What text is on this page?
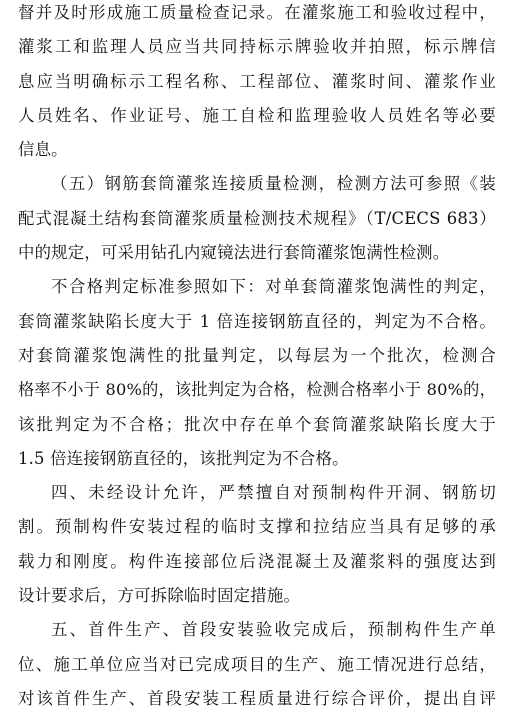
督并及时形成施工质量检查记录。在灌浆施工和验收过程中，
灌浆工和监理人员应当共同持标示牌验收并拍照，标示牌信
息应当明确标示工程名称、工程部位、灌浆时间、灌浆作业
人员姓名、作业证号、施工自检和监理验收人员姓名等必要
信息。
（五）钢筋套筒灌浆连接质量检测，检测方法可参照《装
配式混凝土结构套筒灌浆质量检测技术规程》（T/CECS 683）
中的规定，可采用钻孔内窥镜法进行套筒灌浆饱满性检测。
不合格判定标准参照如下：对单套筒灌浆饱满性的判定，
套筒灌浆缺陷长度大于 1 倍连接钢筋直径的，判定为不合格。
对套筒灌浆饱满性的批量判定，以每层为一个批次，检测合
格率不小于 80%的，该批判定为合格，检测合格率小于 80%的，
该批判定为不合格；批次中存在单个套筒灌浆缺陷长度大于
1.5 倍连接钢筋直径的，该批判定为不合格。
四、未经设计允许，严禁擅自对预制构件开洞、钢筋切
割。预制构件安装过程的临时支撑和拉结应当具有足够的承
载力和刚度。构件连接部位后浇混凝土及灌浆料的强度达到
设计要求后，方可拆除临时固定措施。
五、首件生产、首段安装验收完成后，预制构件生产单
位、施工单位应当对已完成项目的生产、施工情况进行总结，
对该首件生产、首段安装工程质量进行综合评价，提出自评
